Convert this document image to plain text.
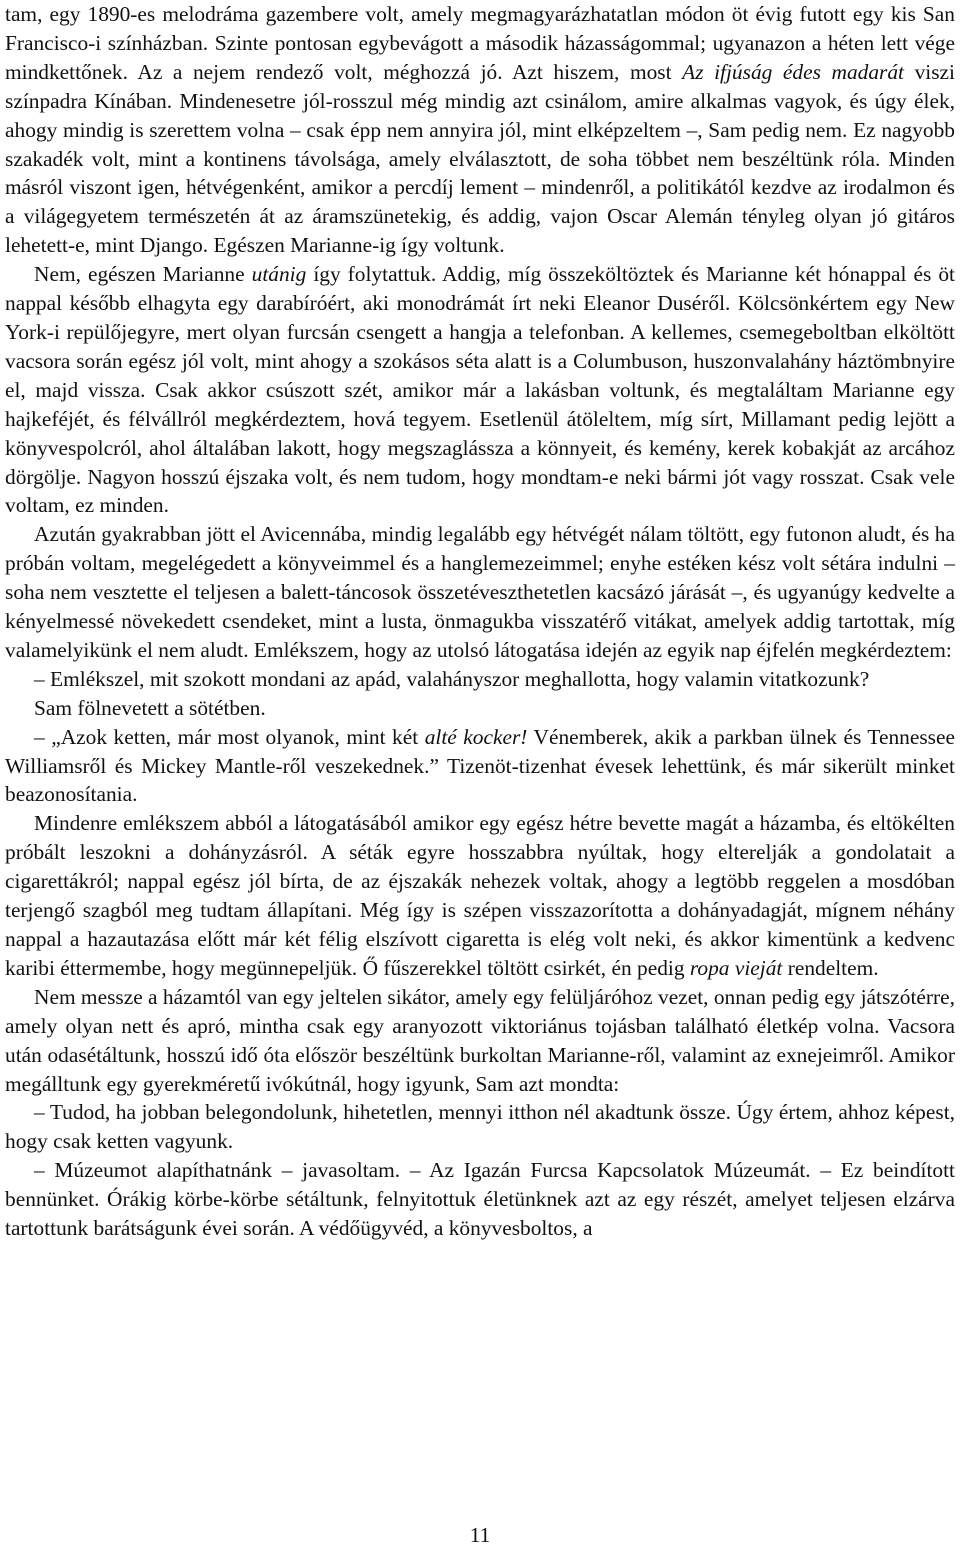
tam, egy 1890-es melodráma gazembere volt, amely megmagyarázhatatlan módon öt évig futott egy kis San Francisco-i színházban. Szinte pontosan egybevágott a második házasságommal; ugyanazon a héten lett vége mindkettőnek. Az a nejem rendező volt, méghozzá jó. Azt hiszem, most Az ifjúság édes madarát viszi színpadra Kínában. Mindenesetre jól-rosszul még mindig azt csinálom, amire alkalmas vagyok, és úgy élek, ahogy mindig is szerettem volna – csak épp nem annyira jól, mint elképzeltem –, Sam pedig nem. Ez nagyobb szakadék volt, mint a kontinens távolsága, amely elválasztott, de soha többet nem beszéltünk róla. Minden másról viszont igen, hétvégenként, amikor a percdíj lement – mindenről, a politikától kezdve az irodalmon és a világegyetem természetén át az áramszünetekig, és addig, vajon Oscar Alemán tényleg olyan jó gitáros lehetett-e, mint Django. Egészen Marianne-ig így voltunk.

Nem, egészen Marianne utánig így folytattuk. Addig, míg összeköltöztek és Marianne két hónappal és öt nappal később elhagyta egy darabíróért, aki monodrámát írt neki Eleanor Duséről. Kölcsönkértem egy New York-i repülőjegyre, mert olyan furcsán csengett a hangja a telefonban. A kellemes, csemegeboltban elköltött vacsora során egész jól volt, mint ahogy a szokásos séta alatt is a Columbuson, huszonvalahány háztömbnyire el, majd vissza. Csak akkor csúszott szét, amikor már a lakásban voltunk, és megtaláltam Marianne egy hajkeféjét, és félvállról megkérdeztem, hová tegyem. Esetlenül átöleltem, míg sírt, Millamant pedig lejött a könyvespolcról, ahol általában lakott, hogy megszaglássza a könnyeit, és kemény, kerek kobakját az arcához dörgölje. Nagyon hosszú éjszaka volt, és nem tudom, hogy mondtam-e neki bármi jót vagy rosszat. Csak vele voltam, ez minden.

Azután gyakrabban jött el Avicennába, mindig legalább egy hétvégét nálam töltött, egy futonon aludt, és ha próbán voltam, megelégedett a könyveimmel és a hanglemezeimmel; enyhe estéken kész volt sétára indulni – soha nem vesztette el teljesen a balett-táncosok összetéveszthetetlen kacsázó járását –, és ugyanúgy kedvelte a kényelmessé növekedett csendeket, mint a lusta, önmagukba visszatérő vitákat, amelyek addig tartottak, míg valamelyikünk el nem aludt. Emlékszem, hogy az utolsó látogatása idején az egyik nap éjfelén megkérdeztem:

– Emlékszel, mit szokott mondani az apád, valahányszor meghallotta, hogy valamin vitatkozunk?

Sam fölnevetett a sötétben.

– „Azok ketten, már most olyanok, mint két alté kocker! Vénemberek, akik a parkban ülnek és Tennessee Williamsről és Mickey Mantle-ről veszekednek.” Tizenöt-tizenhat évesek lehettünk, és már sikerült minket beazonosítania.

Mindenre emlékszem abból a látogatásából amikor egy egész hétre bevette magát a házamba, és eltökélten próbált leszokni a dohányzásról. A séták egyre hosszabbra nyúltak, hogy elterelják a gondolatait a cigarettákról; nappal egész jól bírta, de az éjszakák nehezek voltak, ahogy a legtöbb reggelen a mosdóban terjengő szagból meg tudtam állapítani. Még így is szépen visszazorította a dohányadagját, mígnem néhány nappal a hazautazása előtt már két félig elszívott cigaretta is elég volt neki, és akkor kimentünk a kedvenc karibi éttermembe, hogy megünnepeljük. Ő fűszerekkel töltött csirkét, én pedig ropa vieját rendeltem.

Nem messze a házamtól van egy jeltelen sikátor, amely egy felüljáróhoz vezet, onnan pedig egy játszótérre, amely olyan nett és apró, mintha csak egy aranyozott viktoriánus tojásban található életkép volna. Vacsora után odasétáltunk, hosszú idő óta először beszéltünk burkoltan Marianne-ről, valamint az exnejeimről. Amikor megálltunk egy gyerekméretű ivókútnál, hogy igyunk, Sam azt mondta:

– Tudod, ha jobban belegondolunk, hihetetlen, mennyi itthon nél akadtunk össze. Úgy értem, ahhoz képest, hogy csak ketten vagyunk.

– Múzeumot alapíthatnánk – javasoltam. – Az Igazán Furcsa Kapcsolatok Múzeumát. – Ez beindított bennünket. Órákig körbe-körbe sétáltunk, felnyitottuk életünknek azt az egy részét, amelyet teljesen elzárva tartottunk barátságunk évei során. A védőügyvéd, a könyvesboltos, a

11
